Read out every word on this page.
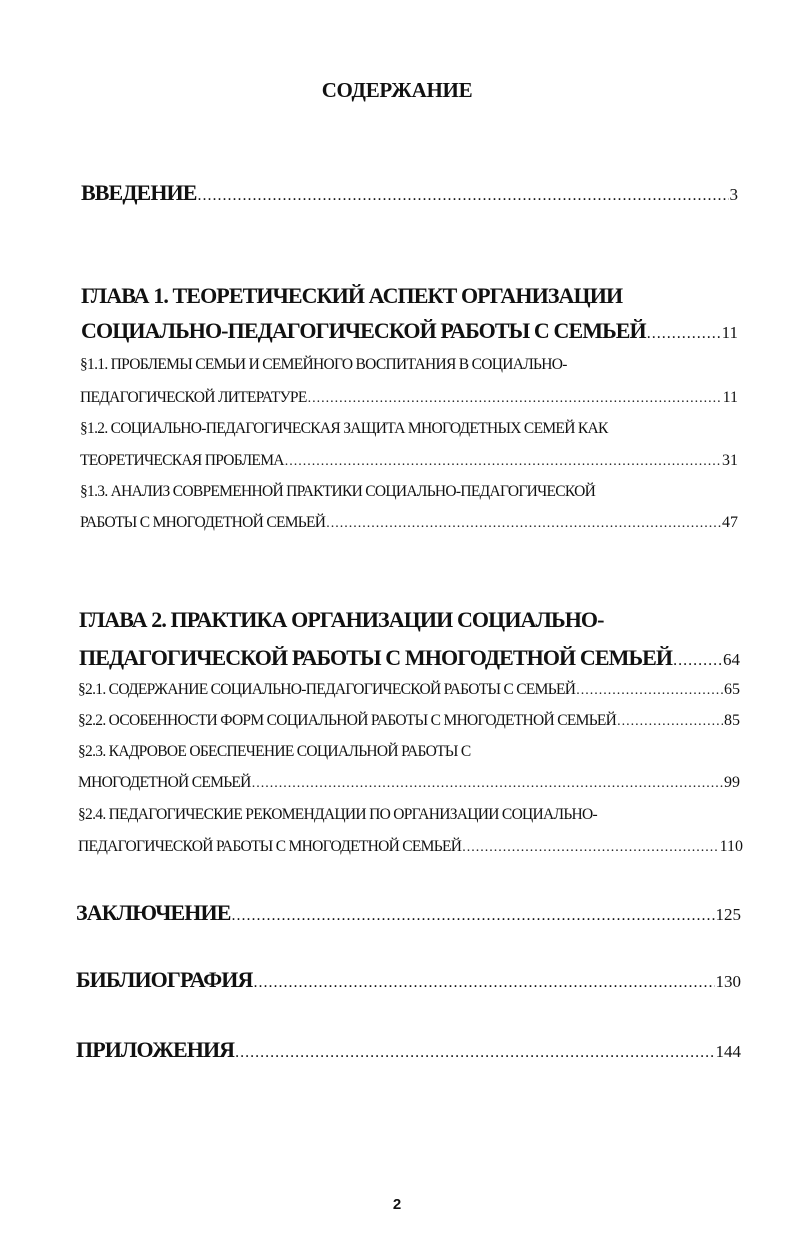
СОДЕРЖАНИЕ
ВВЕДЕНИЕ .....	3
ГЛАВА 1. ТЕОРЕТИЧЕСКИЙ АСПЕКТ ОРГАНИЗАЦИИ
СОЦИАЛЬНО-ПЕДАГОГИЧЕСКОЙ РАБОТЫ С СЕМЬЕЙ .....	11
§1.1. ПРОБЛЕМЫ СЕМЬИ И СЕМЕЙНОГО ВОСПИТАНИЯ В СОЦИАЛЬНО-
ПЕДАГОГИЧЕСКОЙ ЛИТЕРАТУРЕ .....	11
§1.2. СОЦИАЛЬНО-ПЕДАГОГИЧЕСКАЯ ЗАЩИТА МНОГОДЕТНЫХ СЕМЕЙ КАК
ТЕОРЕТИЧЕСКАЯ ПРОБЛЕМА .....	31
§1.3. АНАЛИЗ СОВРЕМЕННОЙ ПРАКТИКИ СОЦИАЛЬНО-ПЕДАГОГИЧЕСКОЙ
РАБОТЫ С МНОГОДЕТНОЙ СЕМЬЕЙ .....	47
ГЛАВА 2. ПРАКТИКА ОРГАНИЗАЦИИ СОЦИАЛЬНО-
ПЕДАГОГИЧЕСКОЙ РАБОТЫ С МНОГОДЕТНОЙ СЕМЬЕЙ .....	64
§2.1. СОДЕРЖАНИЕ СОЦИАЛЬНО-ПЕДАГОГИЧЕСКОЙ РАБОТЫ С СЕМЬЕЙ .....	65
§2.2. ОСОБЕННОСТИ ФОРМ СОЦИАЛЬНОЙ РАБОТЫ С МНОГОДЕТНОЙ СЕМЬЕЙ .....	85
§2.3. КАДРОВОЕ ОБЕСПЕЧЕНИЕ СОЦИАЛЬНОЙ РАБОТЫ С
МНОГОДЕТНОЙ СЕМЬЕЙ .....	99
§2.4. ПЕДАГОГИЧЕСКИЕ РЕКОМЕНДАЦИИ ПО ОРГАНИЗАЦИИ СОЦИАЛЬНО-
ПЕДАГОГИЧЕСКОЙ РАБОТЫ С МНОГОДЕТНОЙ СЕМЬЕЙ .....	110
ЗАКЛЮЧЕНИЕ .....	125
БИБЛИОГРАФИЯ .....	130
ПРИЛОЖЕНИЯ .....	144
2
